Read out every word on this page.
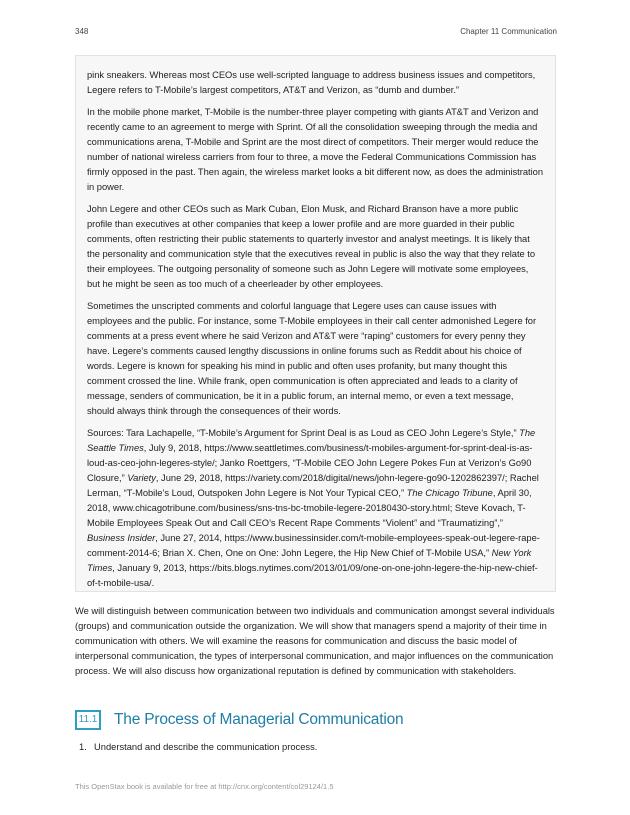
348	Chapter 11 Communication

pink sneakers. Whereas most CEOs use well-scripted language to address business issues and competitors, Legere refers to T-Mobile’s largest competitors, AT&T and Verizon, as “dumb and dumber.”

In the mobile phone market, T-Mobile is the number-three player competing with giants AT&T and Verizon and recently came to an agreement to merge with Sprint. Of all the consolidation sweeping through the media and communications arena, T-Mobile and Sprint are the most direct of competitors. Their merger would reduce the number of national wireless carriers from four to three, a move the Federal Communications Commission has firmly opposed in the past. Then again, the wireless market looks a bit different now, as does the administration in power.

John Legere and other CEOs such as Mark Cuban, Elon Musk, and Richard Branson have a more public profile than executives at other companies that keep a lower profile and are more guarded in their public comments, often restricting their public statements to quarterly investor and analyst meetings. It is likely that the personality and communication style that the executives reveal in public is also the way that they relate to their employees. The outgoing personality of someone such as John Legere will motivate some employees, but he might be seen as too much of a cheerleader by other employees.

Sometimes the unscripted comments and colorful language that Legere uses can cause issues with employees and the public. For instance, some T-Mobile employees in their call center admonished Legere for comments at a press event where he said Verizon and AT&T were “raping” customers for every penny they have. Legere’s comments caused lengthy discussions in online forums such as Reddit about his choice of words. Legere is known for speaking his mind in public and often uses profanity, but many thought this comment crossed the line. While frank, open communication is often appreciated and leads to a clarity of message, senders of communication, be it in a public forum, an internal memo, or even a text message, should always think through the consequences of their words.

Sources: Tara Lachapelle, “T-Mobile’s Argument for Sprint Deal is as Loud as CEO John Legere’s Style,” The Seattle Times, July 9, 2018, https://www.seattletimes.com/business/t-mobiles-argument-for-sprint-deal-is-as-loud-as-ceo-john-legeres-style/; Janko Roettgers, “T-Mobile CEO John Legere Pokes Fun at Verizon’s Go90 Closure,” Variety, June 29, 2018, https://variety.com/2018/digital/news/john-legere-go90-1202862397/; Rachel Lerman, “T-Mobile’s Loud, Outspoken John Legere is Not Your Typical CEO,” The Chicago Tribune, April 30, 2018, www.chicagotribune.com/business/sns-tns-bc-tmobile-legere-20180430-story.html; Steve Kovach, T-Mobile Employees Speak Out and Call CEO’s Recent Rape Comments “Violent” and “Traumatizing”,” Business Insider, June 27, 2014, https://www.businessinsider.com/t-mobile-employees-speak-out-legere-rape-comment-2014-6; Brian X. Chen, One on One: John Legere, the Hip New Chief of T-Mobile USA,” New York Times, January 9, 2013, https://bits.blogs.nytimes.com/2013/01/09/one-on-one-john-legere-the-hip-new-chief-of-t-mobile-usa/.

We will distinguish between communication between two individuals and communication amongst several individuals (groups) and communication outside the organization. We will show that managers spend a majority of their time in communication with others. We will examine the reasons for communication and discuss the basic model of interpersonal communication, the types of interpersonal communication, and major influences on the communication process. We will also discuss how organizational reputation is defined by communication with stakeholders.

11.1 The Process of Managerial Communication
1. Understand and describe the communication process.
This OpenStax book is available for free at http://cnx.org/content/col29124/1.5
